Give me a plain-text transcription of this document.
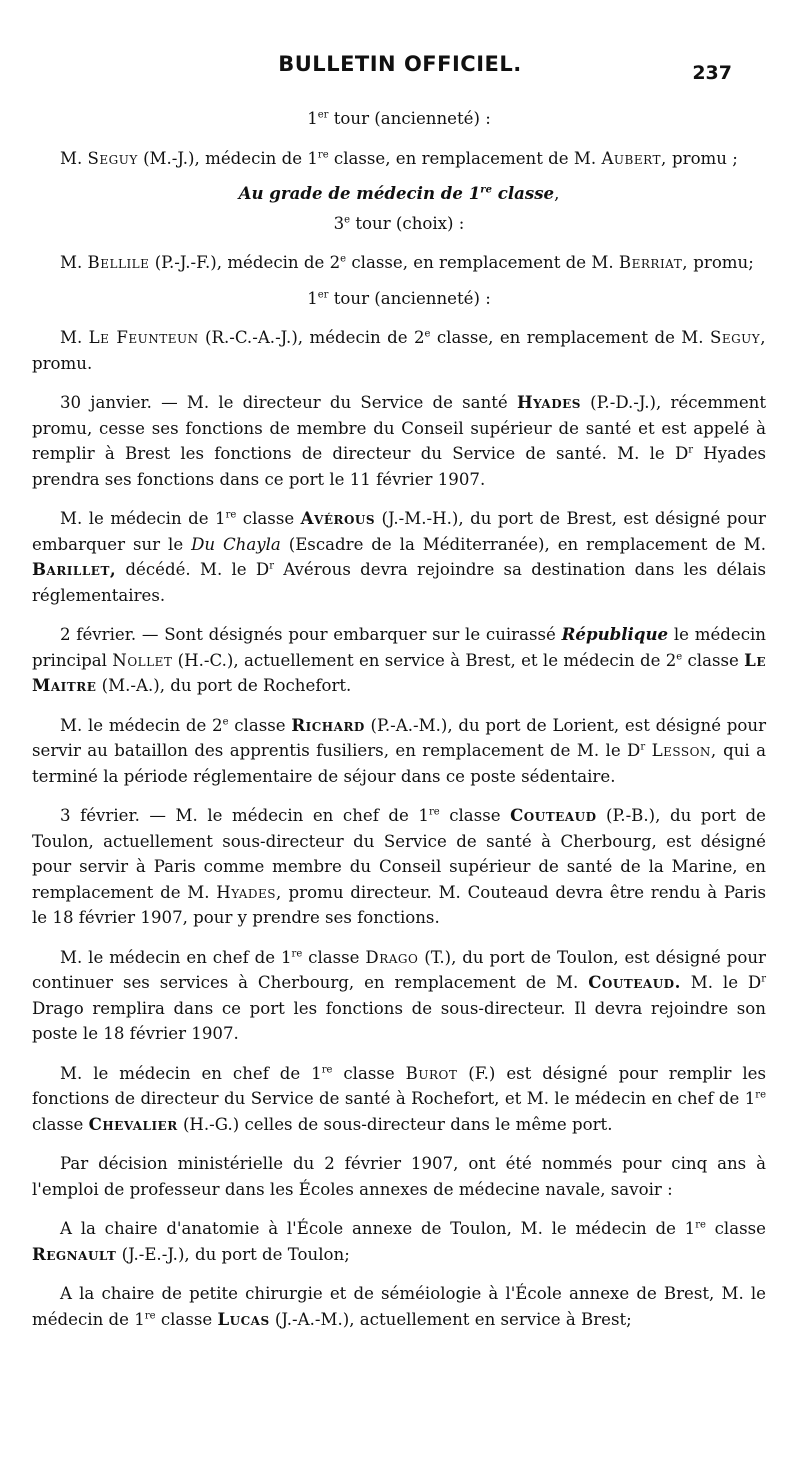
BULLETIN OFFICIEL.	237

1er tour (ancienneté) :

M. Seguy (M.-J.), médecin de 1re classe, en remplacement de M. Aubert, promu ;

Au grade de médecin de 1re classe,

3e tour (choix) :

M. Bellile (P.-J.-F.), médecin de 2e classe, en remplacement de M. Berriat, promu;

1er tour (ancienneté) :

M. Le Feunteun (R.-C.-A.-J.), médecin de 2e classe, en remplacement de M. Seguy, promu.

30 janvier. — M. le directeur du Service de santé Hyades (P.-D.-J.), récemment promu, cesse ses fonctions de membre du Conseil supérieur de santé et est appelé à remplir à Brest les fonctions de directeur du Service de santé. M. le $D^r$ Hyades prendra ses fonctions dans ce port le 11 février 1907.

M. le médecin de 1re classe Avérous (J.-M.-H.), du port de Brest, est désigné pour embarquer sur le Du Chayla (Escadre de la Méditerranée), en remplacement de M. Barillet, décédé. M. le $D^r$ Avérous devra rejoindre sa destination dans les délais réglementaires.

2 février. — Sont désignés pour embarquer sur le cuirassé République le médecin principal Nollet (H.-C.), actuellement en service à Brest, et le médecin de 2e classe Le Maitre (M.-A.), du port de Rochefort.

M. le médecin de 2e classe Richard (P.-A.-M.), du port de Lorient, est désigné pour servir au bataillon des apprentis fusiliers, en remplacement de M. le $D^r$ Lesson, qui a terminé la période réglementaire de séjour dans ce poste sédentaire.

3 février. — M. le médecin en chef de 1re classe Couteaud (P.-B.), du port de Toulon, actuellement sous-directeur du Service de santé à Cherbourg, est désigné pour servir à Paris comme membre du Conseil supérieur de santé de la Marine, en remplacement de M. Hyades, promu directeur. M. Couteaud devra être rendu à Paris le 18 février 1907, pour y prendre ses fonctions.

M. le médecin en chef de 1re classe Drago (T.), du port de Toulon, est désigné pour continuer ses services à Cherbourg, en remplacement de M. Couteaud. M. le $D^r$ Drago remplira dans ce port les fonctions de sous-directeur. Il devra rejoindre son poste le 18 février 1907.

M. le médecin en chef de 1re classe Burot (F.) est désigné pour remplir les fonctions de directeur du Service de santé à Rochefort, et M. le médecin en chef de 1re classe Chevalier (H.-G.) celles de sous-directeur dans le même port.

Par décision ministérielle du 2 février 1907, ont été nommés pour cinq ans à l'emploi de professeur dans les Écoles annexes de médecine navale, savoir :

A la chaire d'anatomie à l'École annexe de Toulon, M. le médecin de 1re classe Regnault (J.-E.-J.), du port de Toulon;

A la chaire de petite chirurgie et de séméiologie à l'École annexe de Brest, M. le médecin de 1re classe Lucas (J.-A.-M.), actuellement en service à Brest;
